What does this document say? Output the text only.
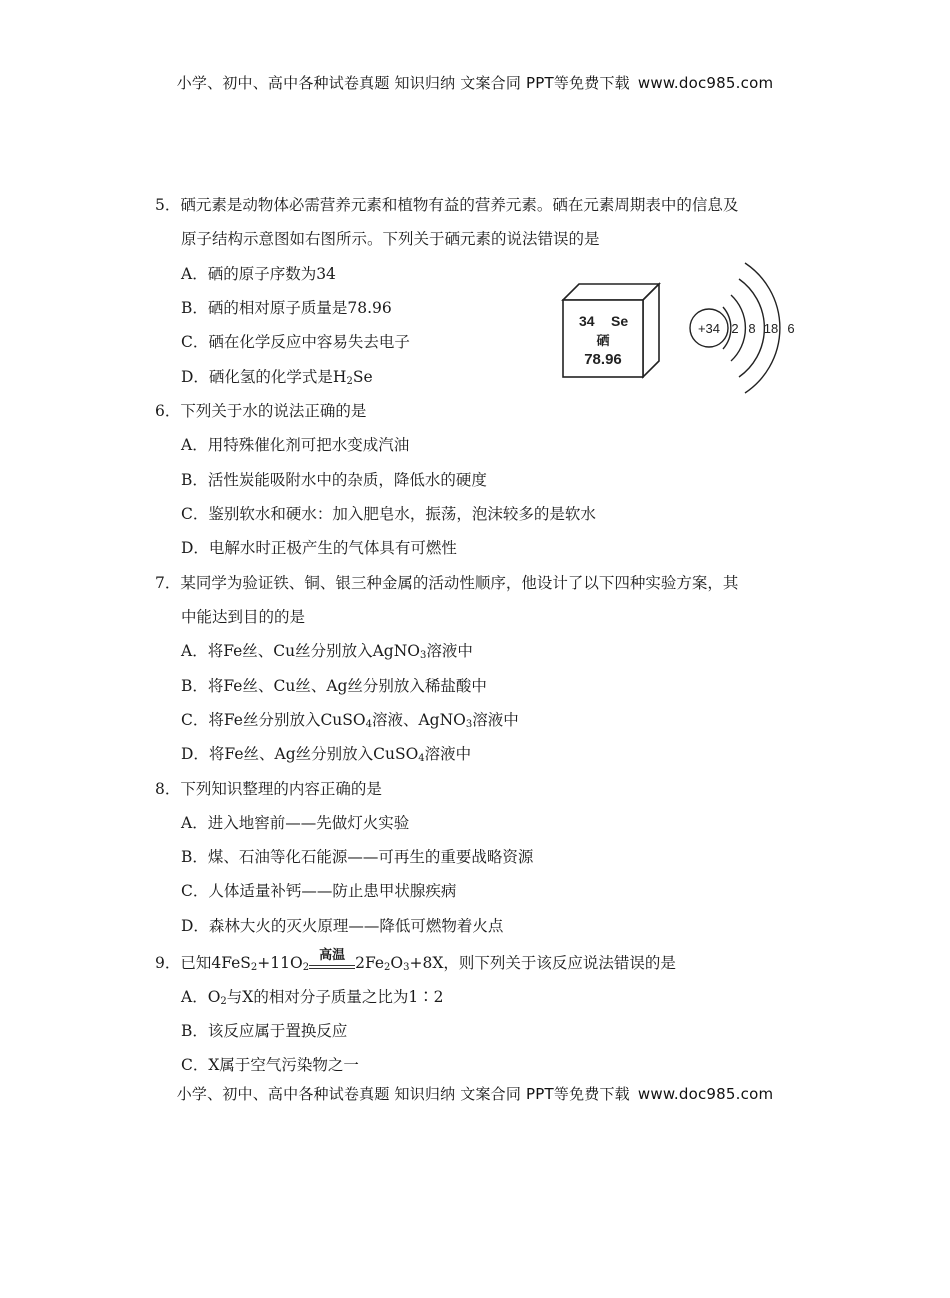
小学、初中、高中各种试卷真题 知识归纳 文案合同 PPT等免费下载 www.doc985.com
5．硒元素是动物体必需营养元素和植物有益的营养元素。硒在元素周期表中的信息及
原子结构示意图如右图所示。下列关于硒元素的说法错误的是
A．硒的原子序数为34
B．硒的相对原子质量是78.96
C．硒在化学反应中容易失去电子
D．硒化氢的化学式是$H_2Se$
34 Se
硒
78.96
+34 2 8 18 6
6．下列关于水的说法正确的是
A．用特殊催化剂可把水变成汽油
B．活性炭能吸附水中的杂质，降低水的硬度
C．鉴别软水和硬水：加入肥皂水，振荡，泡沫较多的是软水
D．电解水时正极产生的气体具有可燃性
7．某同学为验证铁、铜、银三种金属的活动性顺序，他设计了以下四种实验方案，其
中能达到目的的是
A．将Fe丝、Cu丝分别放入AgNO$_3$溶液中
B．将Fe丝、Cu丝、Ag丝分别放入稀盐酸中
C．将Fe丝分别放入CuSO$_4$溶液、AgNO$_3$溶液中
D．将Fe丝、Ag丝分别放入CuSO$_4$溶液中
8．下列知识整理的内容正确的是
A．进入地窖前——先做灯火实验
B．煤、石油等化石能源——可再生的重要战略资源
C．人体适量补钙——防止患甲状腺疾病
D．森林大火的灭火原理——降低可燃物着火点
9．已知$4FeS_2+11O_2$
高温 $2Fe_2O_3+8X$，则下列关于该反应说法错误的是
A．$O_2$与X的相对分子质量之比为1∶2
B．该反应属于置换反应
C．X属于空气污染物之一
小学、初中、高中各种试卷真题 知识归纳 文案合同 PPT等免费下载 www.doc985.com
